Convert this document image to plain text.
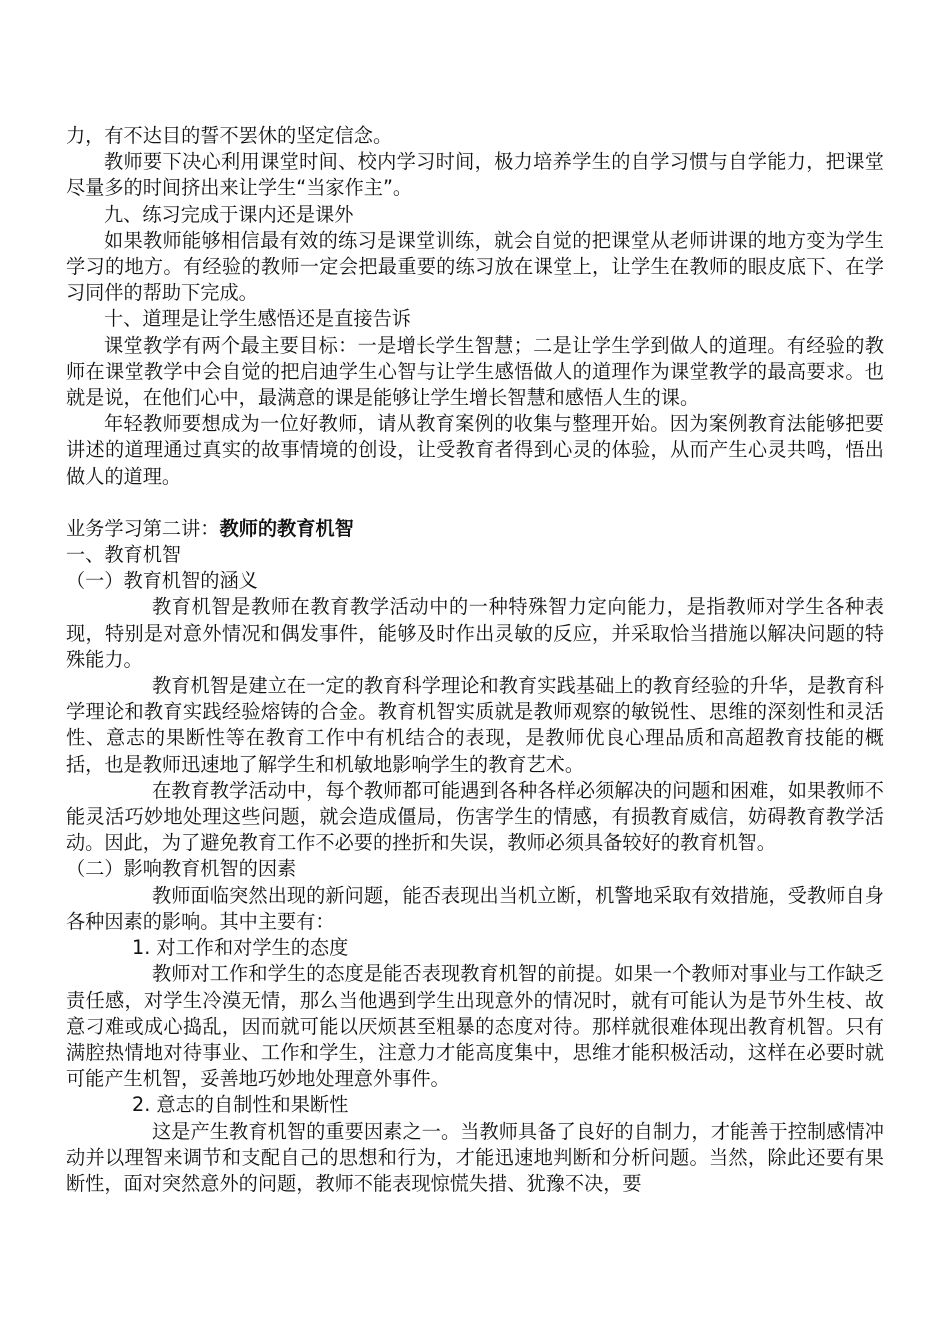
力，有不达目的誓不罢休的坚定信念。

教师要下决心利用课堂时间、校内学习时间，极力培养学生的自学习惯与自学能力，把课堂尽量多的时间挤出来让学生“当家作主”。

九、练习完成于课内还是课外

如果教师能够相信最有效的练习是课堂训练，就会自觉的把课堂从老师讲课的地方变为学生学习的地方。有经验的教师一定会把最重要的练习放在课堂上，让学生在教师的眼皮底下、在学习同伴的帮助下完成。

十、道理是让学生感悟还是直接告诉

课堂教学有两个最主要目标：一是增长学生智慧；二是让学生学到做人的道理。有经验的教师在课堂教学中会自觉的把启迪学生心智与让学生感悟做人的道理作为课堂教学的最高要求。也就是说，在他们心中，最满意的课是能够让学生增长智慧和感悟人生的课。

年轻教师要想成为一位好教师，请从教育案例的收集与整理开始。因为案例教育法能够把要讲述的道理通过真实的故事情境的创设，让受教育者得到心灵的体验，从而产生心灵共鸣，悟出做人的道理。

业务学习第二讲：教师的教育机智

一、教育机智

（一）教育机智的涵义

教育机智是教师在教育教学活动中的一种特殊智力定向能力，是指教师对学生各种表现，特别是对意外情况和偶发事件，能够及时作出灵敏的反应，并采取恰当措施以解决问题的特殊能力。

教育机智是建立在一定的教育科学理论和教育实践基础上的教育经验的升华，是教育科学理论和教育实践经验熔铸的合金。教育机智实质就是教师观察的敏锐性、思维的深刻性和灵活性、意志的果断性等在教育工作中有机结合的表现，是教师优良心理品质和高超教育技能的概括，也是教师迅速地了解学生和机敏地影响学生的教育艺术。

在教育教学活动中，每个教师都可能遇到各种各样必须解决的问题和困难，如果教师不能灵活巧妙地处理这些问题，就会造成僵局，伤害学生的情感，有损教育威信，妨碍教育教学活动。因此，为了避免教育工作不必要的挫折和失误，教师必须具备较好的教育机智。

（二）影响教育机智的因素

教师面临突然出现的新问题，能否表现出当机立断，机警地采取有效措施，受教师自身各种因素的影响。其中主要有：

1. 对工作和对学生的态度

教师对工作和学生的态度是能否表现教育机智的前提。如果一个教师对事业与工作缺乏责任感，对学生冷漠无情，那么当他遇到学生出现意外的情况时，就有可能认为是节外生枝、故意刁难或成心捣乱，因而就可能以厌烦甚至粗暴的态度对待。那样就很难体现出教育机智。只有满腔热情地对待事业、工作和学生，注意力才能高度集中，思维才能积极活动，这样在必要时就可能产生机智，妥善地巧妙地处理意外事件。

2. 意志的自制性和果断性

这是产生教育机智的重要因素之一。当教师具备了良好的自制力，才能善于控制感情冲动并以理智来调节和支配自己的思想和行为，才能迅速地判断和分析问题。当然，除此还要有果断性，面对突然意外的问题，教师不能表现惊慌失措、犹豫不决，要
